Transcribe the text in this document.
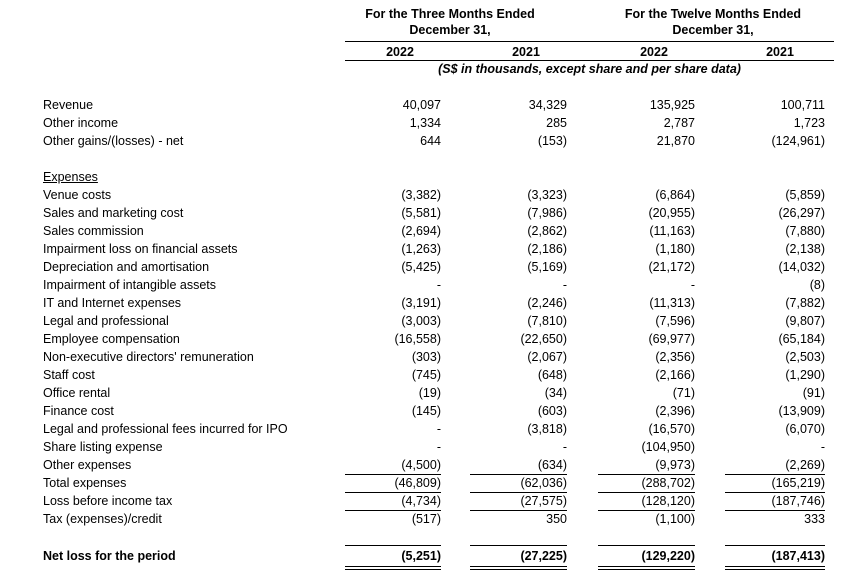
For the Three Months Ended
December 31,
For the Twelve Months Ended
December 31,
2022	2021	2022	2021
(S$ in thousands, except share and per share data)
Revenue	40,097	34,329	135,925	100,711
Other income	1,334	285	2,787	1,723
Other gains/(losses) - net	644	(153)	21,870	(124,961)
Expenses
Venue costs	(3,382)	(3,323)	(6,864)	(5,859)
Sales and marketing cost	(5,581)	(7,986)	(20,955)	(26,297)
Sales commission	(2,694)	(2,862)	(11,163)	(7,880)
Impairment loss on financial assets	(1,263)	(2,186)	(1,180)	(2,138)
Depreciation and amortisation	(5,425)	(5,169)	(21,172)	(14,032)
Impairment of intangible assets	-	-	-	(8)
IT and Internet expenses	(3,191)	(2,246)	(11,313)	(7,882)
Legal and professional	(3,003)	(7,810)	(7,596)	(9,807)
Employee compensation	(16,558)	(22,650)	(69,977)	(65,184)
Non-executive directors' remuneration	(303)	(2,067)	(2,356)	(2,503)
Staff cost	(745)	(648)	(2,166)	(1,290)
Office rental	(19)	(34)	(71)	(91)
Finance cost	(145)	(603)	(2,396)	(13,909)
Legal and professional fees incurred for IPO	-	(3,818)	(16,570)	(6,070)
Share listing expense	-	-	(104,950)	-
Other expenses	(4,500)	(634)	(9,973)	(2,269)
Total expenses	(46,809)	(62,036)	(288,702)	(165,219)
Loss before income tax	(4,734)	(27,575)	(128,120)	(187,746)
Tax (expenses)/credit	(517)	350	(1,100)	333
Net loss for the period	(5,251)	(27,225)	(129,220)	(187,413)
